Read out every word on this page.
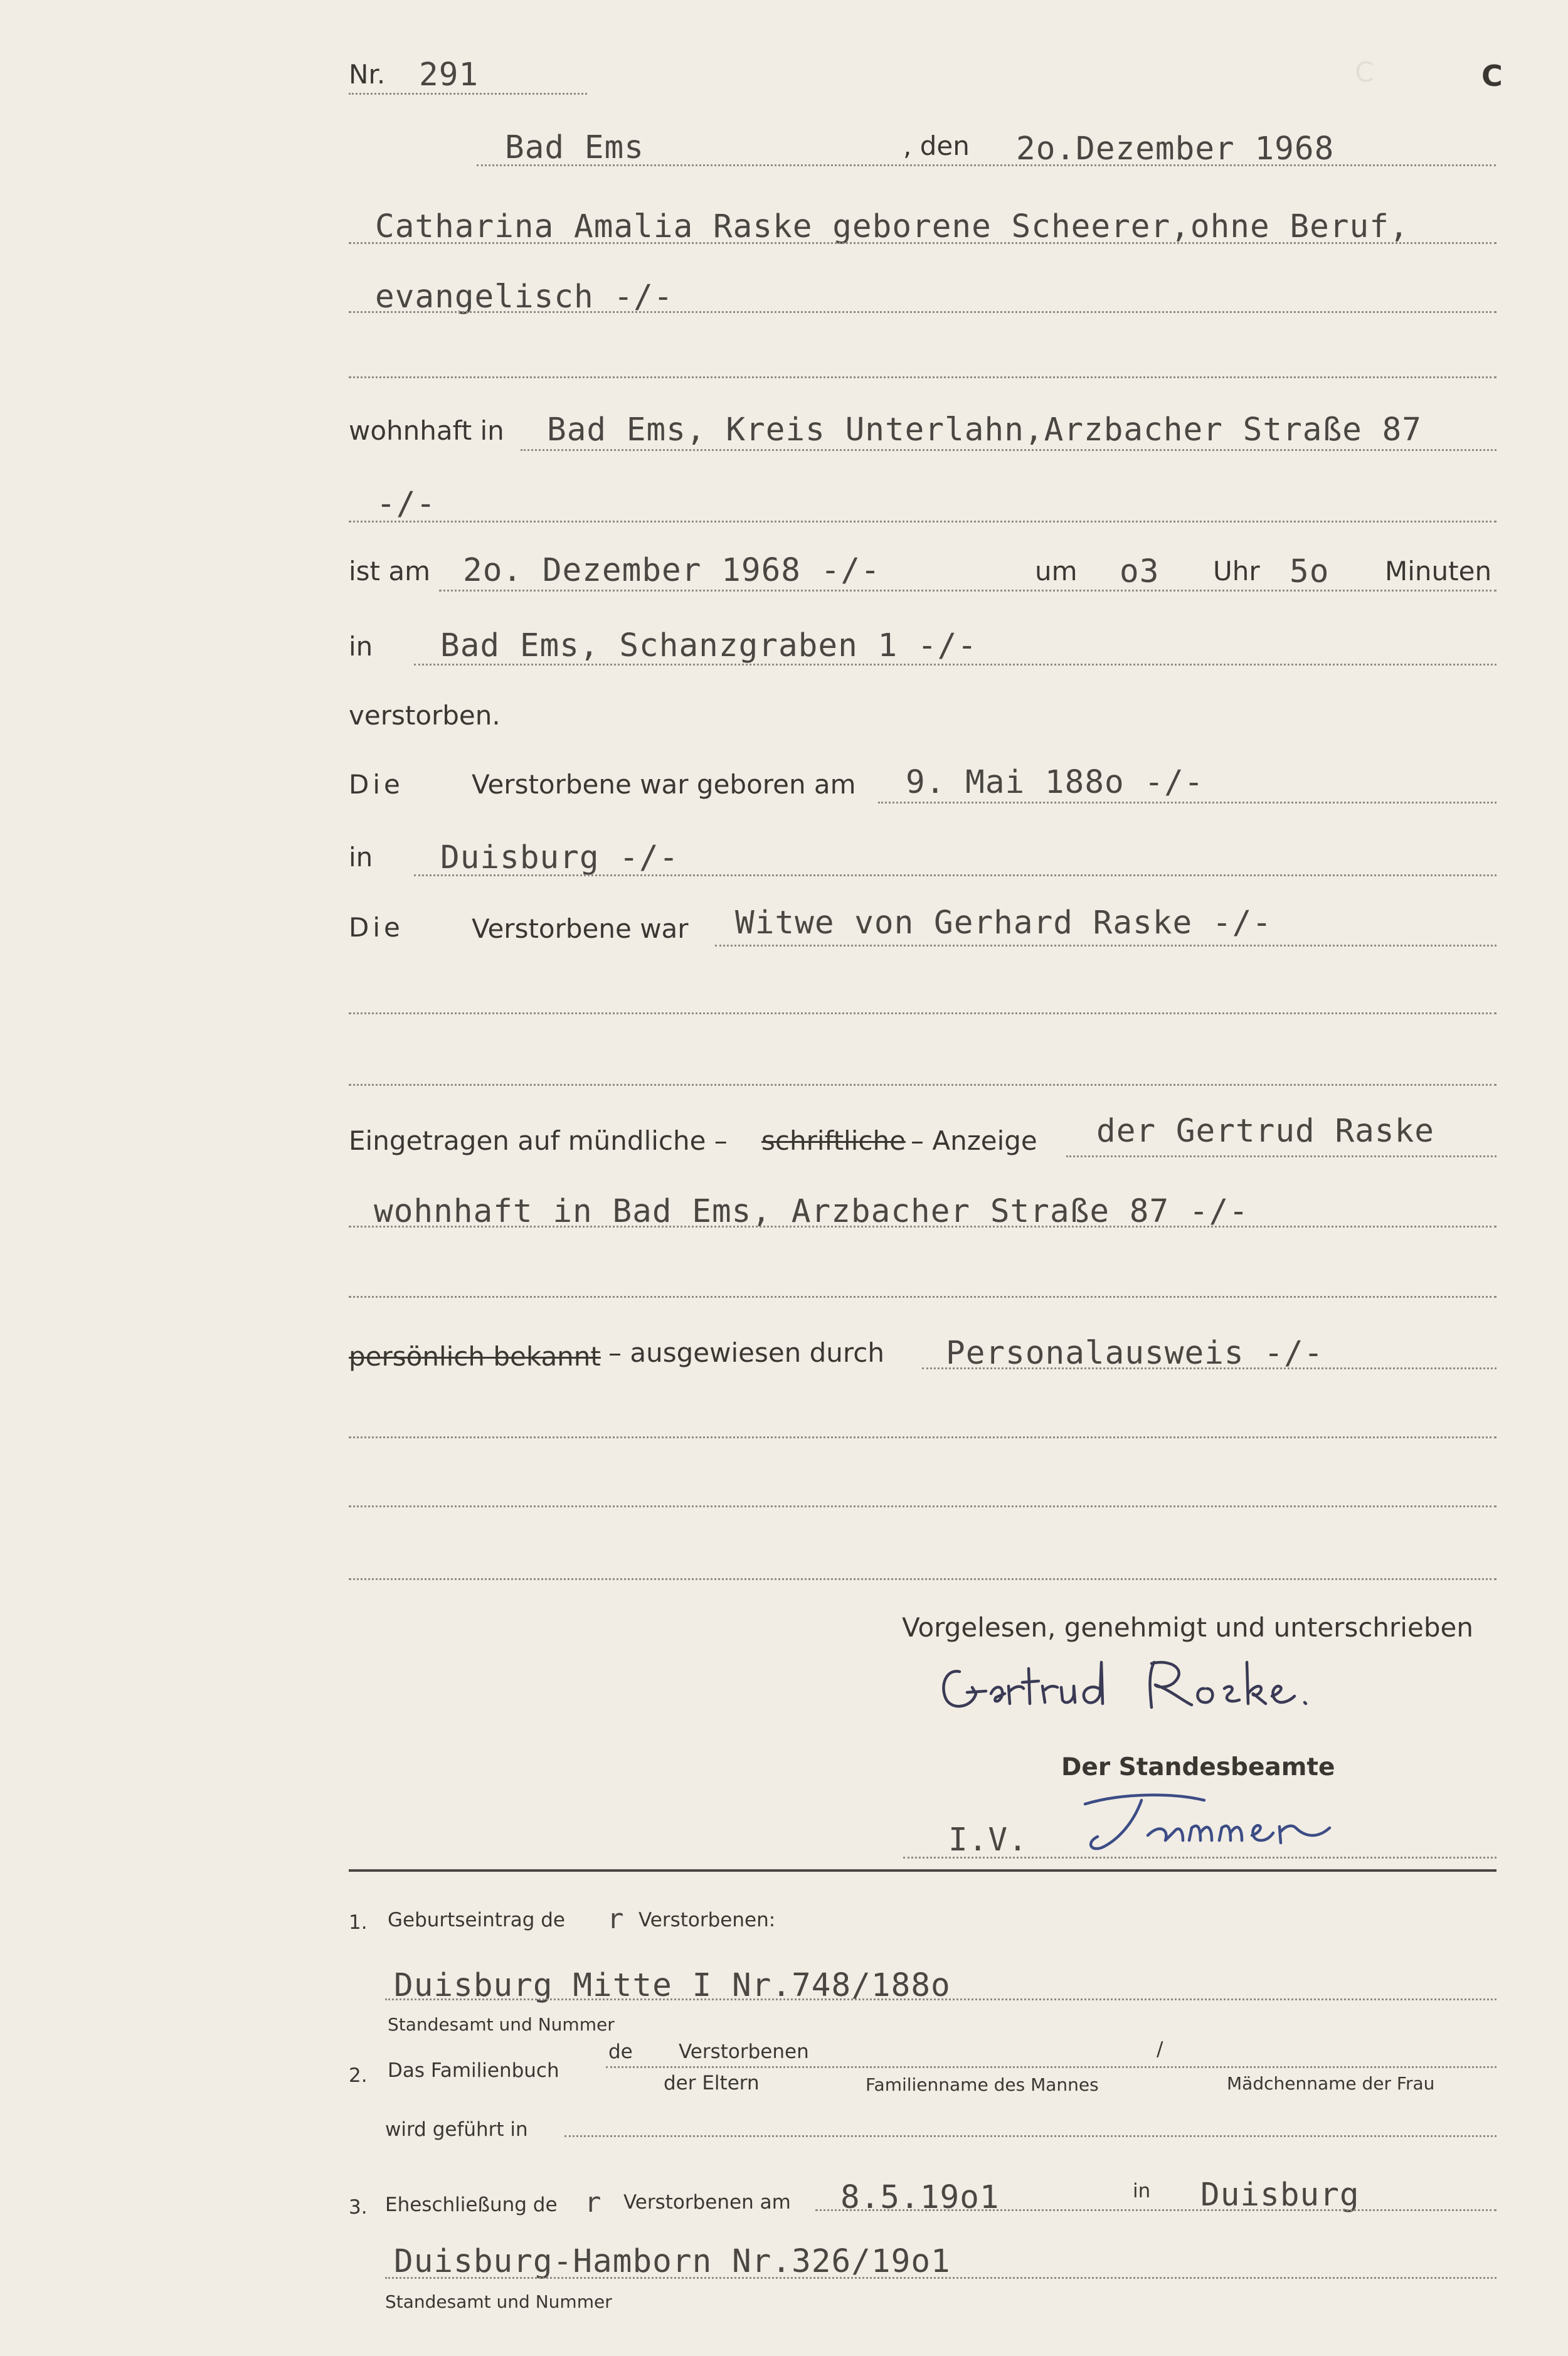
C
Nr. 291	C
Bad Ems	, den 2o.Dezember 1968
Catharina Amalia Raske geborene Scheerer,ohne Beruf,
evangelisch -/-
wohnhaft in Bad Ems, Kreis Unterlahn,Arzbacher Straße 87
-/-
ist am 2o. Dezember 1968 -/-	um o3 Uhr 5o Minuten
in Bad Ems, Schanzgraben 1 -/-
verstorben.
Die	Verstorbene war geboren am 9. Mai 188o -/-
in Duisburg -/-
Die	Verstorbene war Witwe von Gerhard Raske -/-
Eingetragen auf mündliche – schriftliche – Anzeige der Gertrud Raske
wohnhaft in Bad Ems, Arzbacher Straße 87 -/-
persönlich bekannt – ausgewiesen durch Personalausweis -/-
Vorgelesen, genehmigt und unterschrieben
Der Standesbeamte
I.V.
1. Geburtseintrag de r Verstorbenen:
Duisburg Mitte I Nr.748/188o
Standesamt und Nummer
2. Das Familienbuch
de Verstorbenen	/
der Eltern	Familienname des Mannes	Mädchenname der Frau
wird geführt in
3. Eheschließung de r Verstorbenen am 8.5.19o1	in Duisburg
Duisburg-Hamborn Nr.326/19o1
Standesamt und Nummer
